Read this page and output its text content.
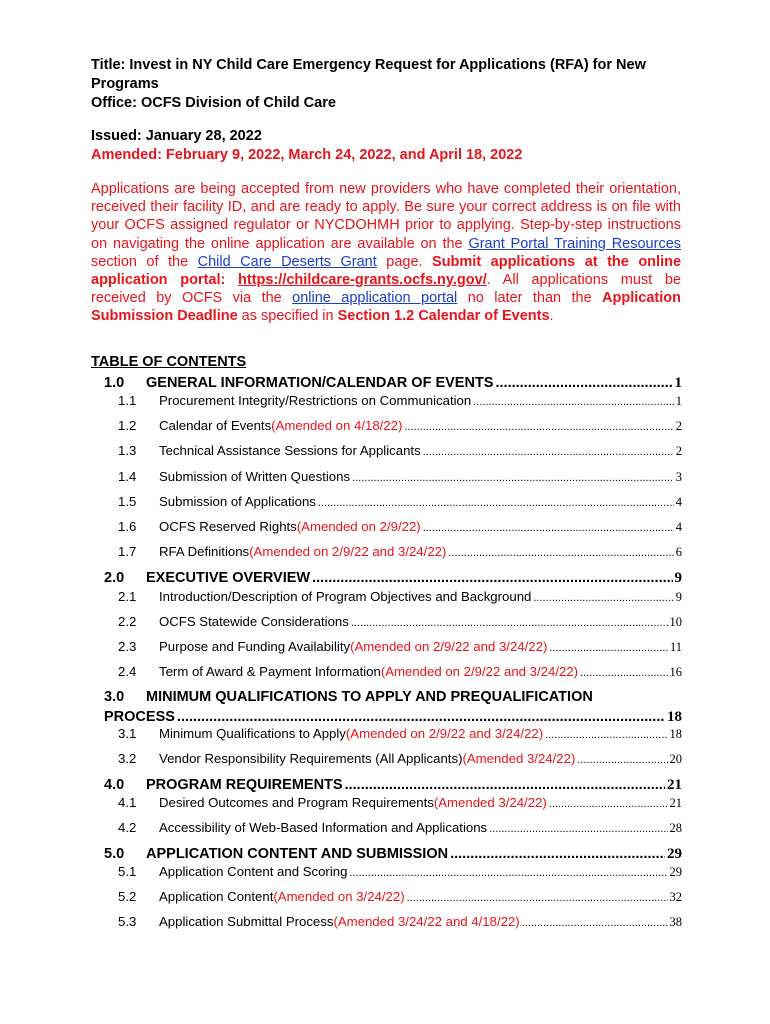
Title: Invest in NY Child Care Emergency Request for Applications (RFA) for New
Programs
Office: OCFS Division of Child Care
Issued: January 28, 2022
Amended: February 9, 2022, March 24, 2022, and April 18, 2022
Applications are being accepted from new providers who have completed their orientation, received their facility ID, and are ready to apply. Be sure your correct address is on file with your OCFS assigned regulator or NYCDOHMH prior to applying. Step-by-step instructions on navigating the online application are available on the Grant Portal Training Resources section of the Child Care Deserts Grant page. Submit applications at the online application portal: https://childcare-grants.ocfs.ny.gov/. All applications must be received by OCFS via the online application portal no later than the Application Submission Deadline as specified in Section 1.2 Calendar of Events.
TABLE OF CONTENTS
1.0	GENERAL INFORMATION/CALENDAR OF EVENTS .....	1
1.1	Procurement Integrity/Restrictions on Communication .....	1
1.2	Calendar of Events (Amended on 4/18/22) .....	2
1.3	Technical Assistance Sessions for Applicants .....	2
1.4	Submission of Written Questions .....	3
1.5	Submission of Applications .....	4
1.6	OCFS Reserved Rights (Amended on 2/9/22) .....	4
1.7	RFA Definitions (Amended on 2/9/22 and 3/24/22) .....	6
2.0	EXECUTIVE OVERVIEW .....	9
2.1	Introduction/Description of Program Objectives and Background .....	9
2.2	OCFS Statewide Considerations .....	10
2.3	Purpose and Funding Availability (Amended on 2/9/22 and 3/24/22) .....	11
2.4	Term of Award & Payment Information (Amended on 2/9/22 and 3/24/22) .....	16
3.0 MINIMUM QUALIFICATIONS TO APPLY AND PREQUALIFICATION
PROCESS .....	18
3.1	Minimum Qualifications to Apply (Amended on 2/9/22 and 3/24/22) .....	18
3.2	Vendor Responsibility Requirements (All Applicants) (Amended 3/24/22) .....	20
4.0	PROGRAM REQUIREMENTS .....	21
4.1	Desired Outcomes and Program Requirements (Amended 3/24/22) .....	21
4.2	Accessibility of Web-Based Information and Applications .....	28
5.0	APPLICATION CONTENT AND SUBMISSION .....	29
5.1	Application Content and Scoring .....	29
5.2	Application Content (Amended on 3/24/22) .....	32
5.3	Application Submittal Process (Amended 3/24/22 and 4/18/22) .....	38
